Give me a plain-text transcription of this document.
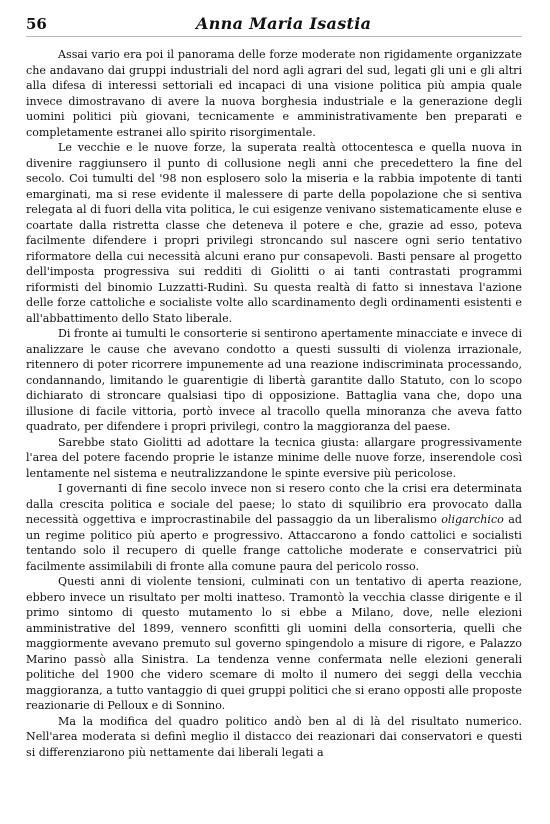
56	Anna Maria Isastia

Assai vario era poi il panorama delle forze moderate non rigidamente organizzate che andavano dai gruppi industriali del nord agli agrari del sud, legati gli uni e gli altri alla difesa di interessi settoriali ed incapaci di una visione politica più ampia quale invece dimostravano di avere la nuova borghesia industriale e la generazione degli uomini politici più giovani, tecnicamente e amministrativamente ben preparati e completamente estranei allo spirito risorgimentale.

Le vecchie e le nuove forze, la superata realtà ottocentesca e quella nuova in divenire raggiunsero il punto di collusione negli anni che precedettero la fine del secolo. Coi tumulti del '98 non esplosero solo la miseria e la rabbia impotente di tanti emarginati, ma si rese evidente il malessere di parte della popolazione che si sentiva relegata al di fuori della vita politica, le cui esigenze venivano sistematicamente eluse e coartate dalla ristretta classe che deteneva il potere e che, grazie ad esso, poteva facilmente difendere i propri privilegi stroncando sul nascere ogni serio tentativo riformatore della cui necessità alcuni erano pur consapevoli. Basti pensare al progetto dell'imposta progressiva sui redditi di Giolitti o ai tanti contrastati programmi riformisti del binomio Luzzatti-Rudinì. Su questa realtà di fatto si innestava l'azione delle forze cattoliche e socialiste volte allo scardinamento degli ordinamenti esistenti e all'abbattimento dello Stato liberale.

Di fronte ai tumulti le consorterie si sentirono apertamente minacciate e invece di analizzare le cause che avevano condotto a questi sussulti di violenza irrazionale, ritennero di poter ricorrere impunemente ad una reazione indiscriminata processando, condannando, limitando le guarentigie di libertà garantite dallo Statuto, con lo scopo dichiarato di stroncare qualsiasi tipo di opposizione. Battaglia vana che, dopo una illusione di facile vittoria, portò invece al tracollo quella minoranza che aveva fatto quadrato, per difendere i propri privilegi, contro la maggioranza del paese.

Sarebbe stato Giolitti ad adottare la tecnica giusta: allargare progressivamente l'area del potere facendo proprie le istanze minime delle nuove forze, inserendole così lentamente nel sistema e neutralizzandone le spinte eversive più pericolose.

I governanti di fine secolo invece non si resero conto che la crisi era determinata dalla crescita politica e sociale del paese; lo stato di squilibrio era provocato dalla necessità oggettiva e improcrastinabile del passaggio da un liberalismo oligarchico ad un regime politico più aperto e progressivo. Attaccarono a fondo cattolici e socialisti tentando solo il recupero di quelle frange cattoliche moderate e conservatrici più facilmente assimilabili di fronte alla comune paura del pericolo rosso.

Questi anni di violente tensioni, culminati con un tentativo di aperta reazione, ebbero invece un risultato per molti inatteso. Tramontò la vecchia classe dirigente e il primo sintomo di questo mutamento lo si ebbe a Milano, dove, nelle elezioni amministrative del 1899, vennero sconfitti gli uomini della consorteria, quelli che maggiormente avevano premuto sul governo spingendolo a misure di rigore, e Palazzo Marino passò alla Sinistra. La tendenza venne confermata nelle elezioni generali politiche del 1900 che videro scemare di molto il numero dei seggi della vecchia maggioranza, a tutto vantaggio di quei gruppi politici che si erano opposti alle proposte reazionarie di Pelloux e di Sonnino.

Ma la modifica del quadro politico andò ben al di là del risultato numerico. Nell'area moderata si definì meglio il distacco dei reazionari dai conservatori e questi si differenziarono più nettamente dai liberali legati a
